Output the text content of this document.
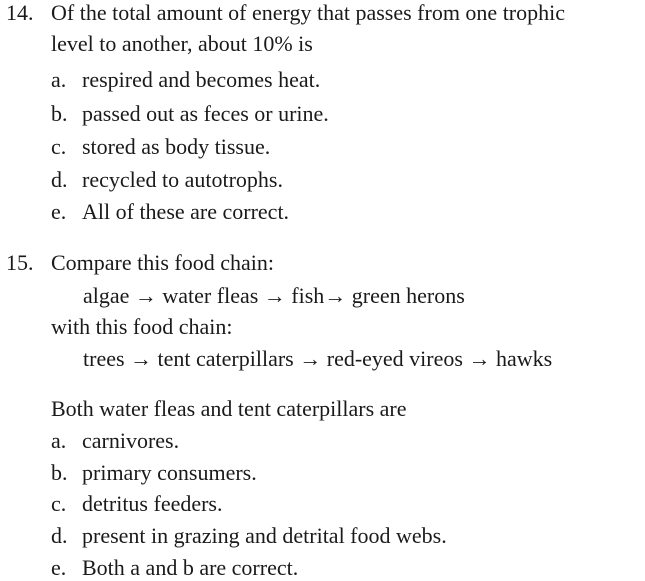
14. Of the total amount of energy that passes from one trophic
level to another, about 10% is
a. respired and becomes heat.
b. passed out as feces or urine.
c. stored as body tissue.
d. recycled to autotrophs.
e. All of these are correct.
15. Compare this food chain:
algae → water fleas → fish→ green herons
with this food chain:
trees → tent caterpillars → red-eyed vireos → hawks
Both water fleas and tent caterpillars are
a. carnivores.
b. primary consumers.
c. detritus feeders.
d. present in grazing and detrital food webs.
e. Both a and b are correct.
